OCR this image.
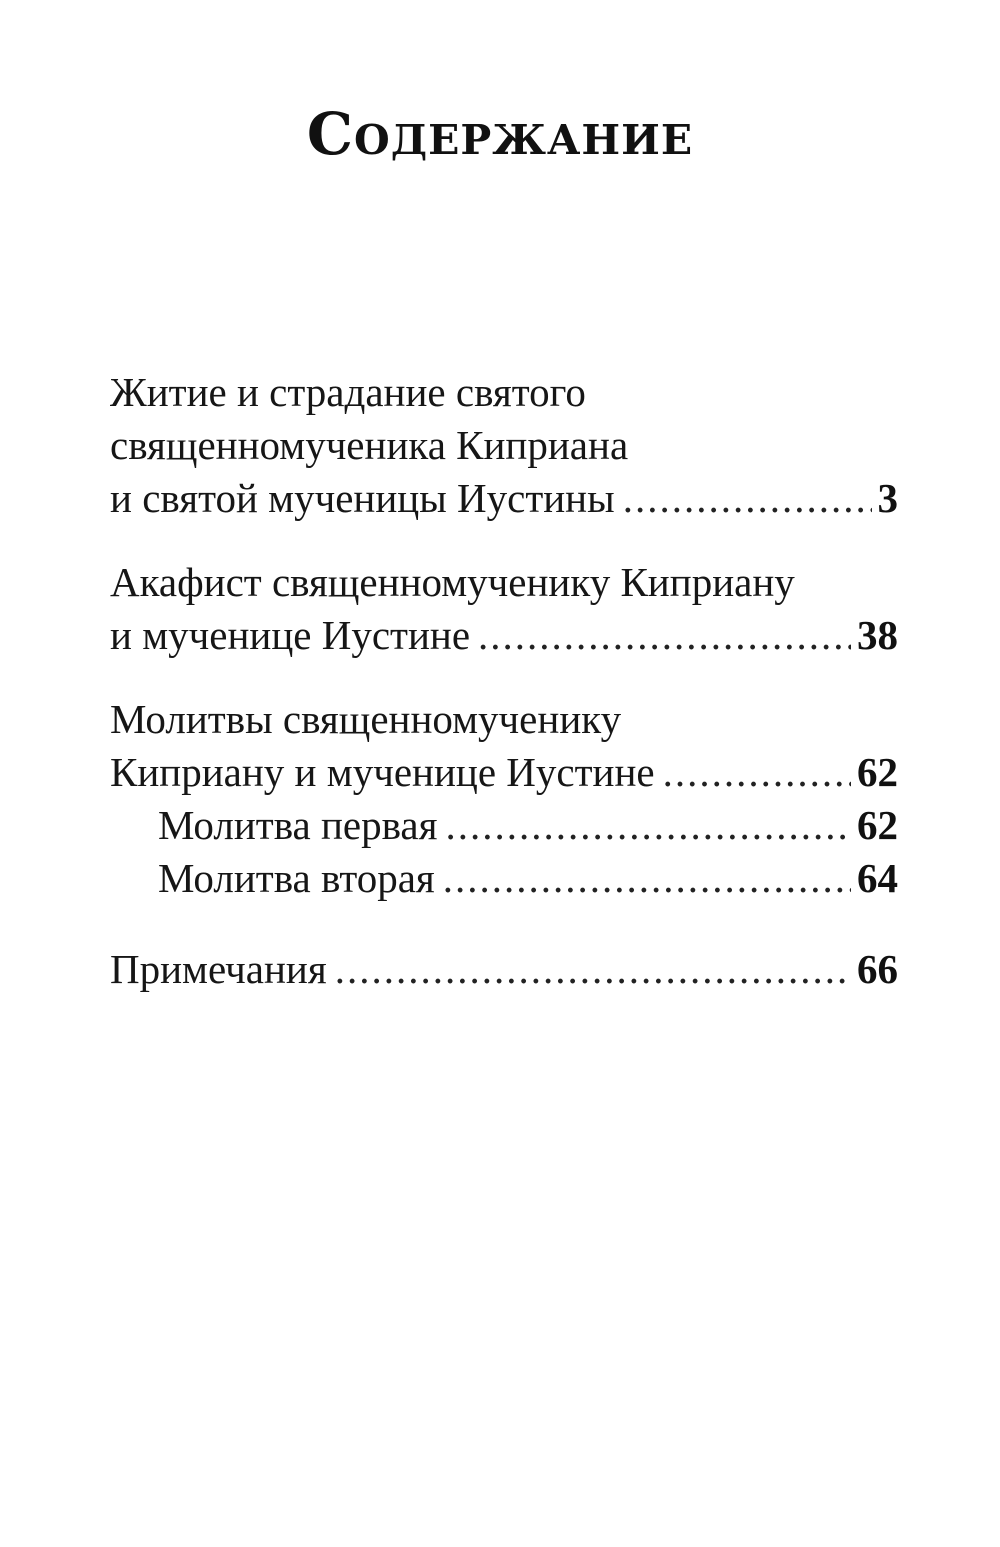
Содержание
Житие и страдание святого
священномученика Киприана
и святой мученицы Иустины .....	3
Акафист священномученику Киприану
и мученице Иустине .....	38
Молитвы священномученику
Киприану и мученице Иустине .....	62
Молитва первая .....	62
Молитва вторая .....	64
Примечания .....	66
